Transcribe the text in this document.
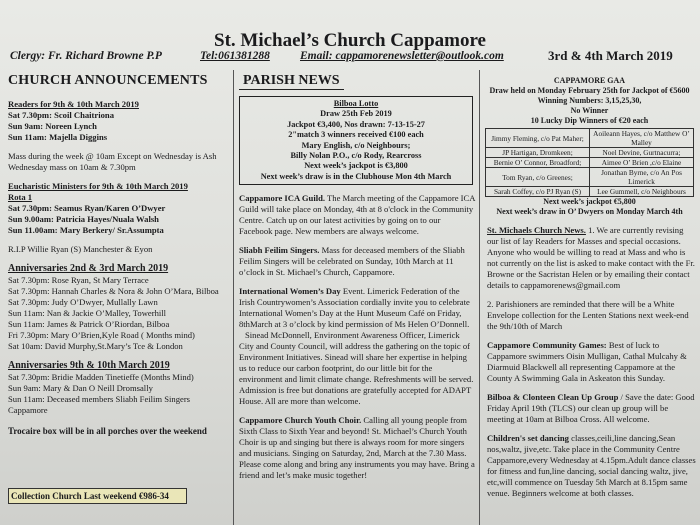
St. Michael’s Church Cappamore
Clergy: Fr. Richard Browne P.P	Tel:061381288	Email: cappamorenewsletter@outlook.com	3rd & 4th March 2019
CHURCH ANNOUNCEMENTS

Readers for 9th & 10th March 2019

Sat 7.30pm: Scoil Chaitriona

Sun 9am: Noreen Lynch

Sun 11am: Majella Diggins

Mass during the week @ 10am Except on Wednesday is Ash Wednesday mass on 10am & 7.30pm

Eucharistic Ministers for 9th & 10th March 2019

Rota 1

Sat 7.30pm: Seamus Ryan/Karen O’Dwyer

Sun 9.00am: Patricia Hayes/Nuala Walsh

Sun 11.00am: Mary Berkery/ Sr.Assumpta

R.I.P Willie Ryan (S) Manchester & Eyon

Anniversaries 2nd & 3rd March 2019

Sat 7.30pm: Rose Ryan, St Mary Terrace

Sat 7.30pm: Hannah Charles & Nora & John O’Mara, Bilboa

Sat 7.30pm: Judy O’Dwyer, Mullally Lawn

Sun 11am: Nan & Jackie O’Malley, Towerhill

Sun 11am: James & Patrick O’Riordan, Bilboa

Fri 7.30pm: Mary O’Brien,Kyle Road ( Months mind)

Sat 10am: David Murphy,St.Mary’s Tce & London

Anniversaries 9th & 10th March 2019

Sat 7.30pm: Bridie Madden Tinetieffe (Months Mind)

Sun 9am: Mary & Dan O Neill Dromsally

Sun 11am: Deceased members Sliabh Feilim Singers Cappamore

Trocaire box will be in all porches over the weekend
Collection Church Last weekend €986-34
PARISH NEWS
Bilboa Lotto
Draw 25th Feb 2019
Jackpot €3,400, Nos drawn: 7-13-15-27
2"match 3 winners received €100 each
Mary English, c/o Neighbours;
Billy Nolan P.O., c/o Rody, Rearcross
Next week’s jackpot is €3,800
Next week’s draw is in the Clubhouse Mon 4th March
Cappamore ICA Guild. The March meeting of the Cappamore ICA Guild will take place on Monday, 4th at 8 o'clock in the Community Centre. Catch up on our latest activities by going on to our Facebook page. New members are always welcome.
Sliabh Feilim Singers. Mass for deceased members of the Sliabh Feilim Singers will be celebrated on Sunday, 10th March at 11 o’clock in St. Michael’s Church, Cappamore.
International Women’s Day Event. Limerick Federation of the Irish Countrywomen’s Association cordially invite you to celebrate International Women’s Day at the Hunt Museum Café on Friday, 8thMarch at 3 o’clock by kind permission of Ms Helen O’Donnell.
Sinead McDonnell, Environment Awareness Officer, Limerick City and County Council, will address the gathering on the topic of Environment Initiatives. Sinead will share her expertise in helping us to reduce our carbon footprint, do our little bit for the environment and limit climate change. Refreshments will be served. Admission is free but donations are gratefully accepted for ADAPT House. All are more than welcome.
Cappamore Church Youth Choir. Calling all young people from Sixth Class to Sixth Year and beyond! St. Michael’s Church Youth Choir is up and singing but there is always room for more singers and musicians. Singing on Saturday, 2nd, March at the 7.30 Mass. Please come along and bring any instruments you may have. Bring a friend and let’s make music together!
CAPPAMORE GAA
Draw held on Monday February 25th for Jackpot of €5600
Winning Numbers: 3,15,25,30,
No Winner
10 Lucky Dip Winners of €20 each
Jimmy Fleming, c/o Pat Maher;	Aoileann Hayes, c/o Matthew O’ Malley
JP Hartigan, Dromkeen;	Noel Devine, Gurtnacurra;
Bernie O’ Connor, Broadford;	Aimee O’ Brien ,c/o Elaine
Tom Ryan, c/o Greenes;	Jonathan Byrne, c/o An Pos Limerick
Sarah Coffey, c/o PJ Ryan (S)	Lee Gummell, c/o Neighbours
Next week’s jackpot €5,800
Next week’s draw in O’ Dwyers on Monday March 4th
St. Michaels Church News. 1. We are currently revising our list of lay Readers for Masses and special occasions. Anyone who would be willing to read at Mass and who is not currently on the list is asked to make contact with the Fr. Browne or the Sacristan Helen or by emailing their contact details to cappamorenews@gmail.com
2. Parishioners are reminded that there will be a White Envelope collection for the Lenten Stations next week-end the 9th/10th of March
Cappamore Community Games: Best of luck to Cappamore swimmers Oisin Mulligan, Cathal Mulcahy & Diarmuid Blackwell all representing Cappamore at the County A Swimming Gala in Askeaton this Sunday.
Bilboa & Clonteen Clean Up Group / Save the date: Good Friday April 19th (TLCS) our clean up group will be meeting at 10am at Bilboa Cross. All welcome.
Children's set dancing classes,ceili,line dancing,Sean nos,waltz, jive,etc. Take place in the Community Centre Cappamore,every Wednesday at 4.15pm.Adult dance classes for fitness and fun,line dancing, social dancing waltz, jive, etc,will commence on Tuesday 5th March at 8.15pm same venue. Beginners welcome at both classes.
